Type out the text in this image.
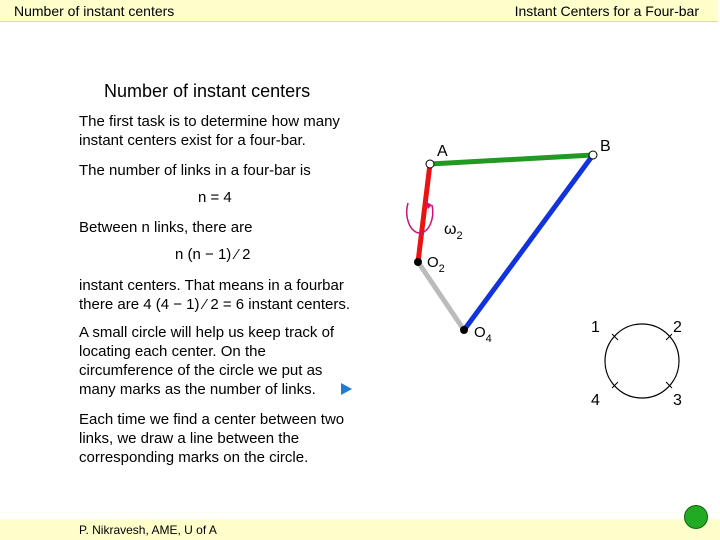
Number of instant centers	Instant Centers for a Four-bar
Number of instant centers
The first task is to determine how many
instant centers exist for a four-bar.
The number of links in a four-bar is
n = 4
Between n links, there are
n (n − 1) ⁄ 2
instant centers. That means in a fourbar
there are 4 (4 − 1) ⁄ 2 = 6 instant centers.
A small circle will help us keep track of
locating each center. On the
circumference of the circle we put as
many marks as the number of links.
Each time we find a center between two
links, we draw a line between the
corresponding marks on the circle.
A	B
$O_2$
$O_4$
$\omega_2$
1	2
3
4
P. Nikravesh, AME, U of A
